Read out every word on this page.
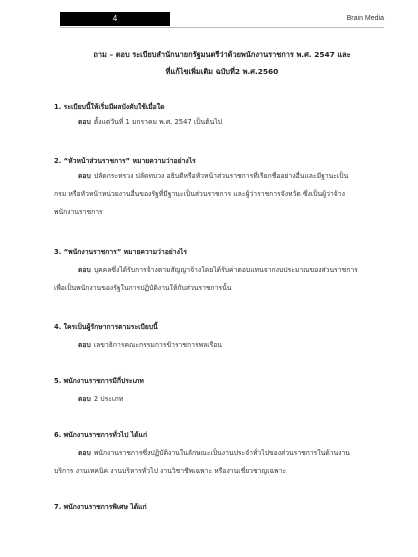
4	Brain Media
ถาม – ตอบ ระเบียบสำนักนายกรัฐมนตรีว่าด้วยพนักงานราชการ พ.ศ. 2547 และ
ที่แก้ไขเพิ่มเติม ฉบับที่2 พ.ศ.2560

1. ระเบียบนี้ให้เริ่มมีผลบังคับใช้เมื่อใด

ตอบ ตั้งแต่วันที่ 1 มกราคม พ.ศ. 2547 เป็นต้นไป

2. “หัวหน้าส่วนราชการ” หมายความว่าอย่างไร

ตอบ ปลัดกระทรวง ปลัดทบวง อธิบดีหรือหัวหน้าส่วนราชการที่เรียกชื่ออย่างอื่นและมีฐานะเป็น

กรม หรือหัวหน้าหน่วยงานอื่นของรัฐที่มีฐานะเป็นส่วนราชการ และผู้ว่าราชการจังหวัด ซึ่งเป็นผู้ว่าจ้าง

พนักงานราชการ

3. “พนักงานราชการ” หมายความว่าอย่างไร

ตอบ บุคคลซึ่งได้รับการจ้างตามสัญญาจ้างโดยได้รับค่าตอบแทนจากงบประมาณของส่วนราชการ

เพื่อเป็นพนักงานของรัฐในการปฏิบัติงานให้กับส่วนราชการนั้น

4. ใครเป็นผู้รักษาการตามระเบียบนี้

ตอบ เลขาธิการคณะกรรมการข้าราชการพลเรือน

5. พนักงานราชการมีกี่ประเภท

ตอบ 2 ประเภท

6. พนักงานราชการทั่วไป ได้แก่

ตอบ พนักงานราชการซึ่งปฏิบัติงานในลักษณะเป็นงานประจำทั่วไปของส่วนราชการในด้านงาน

บริการ งานเทคนิค งานบริหารทั่วไป งานวิชาชีพเฉพาะ หรืองานเชี่ยวชาญเฉพาะ

7. พนักงานราชการพิเศษ ได้แก่
